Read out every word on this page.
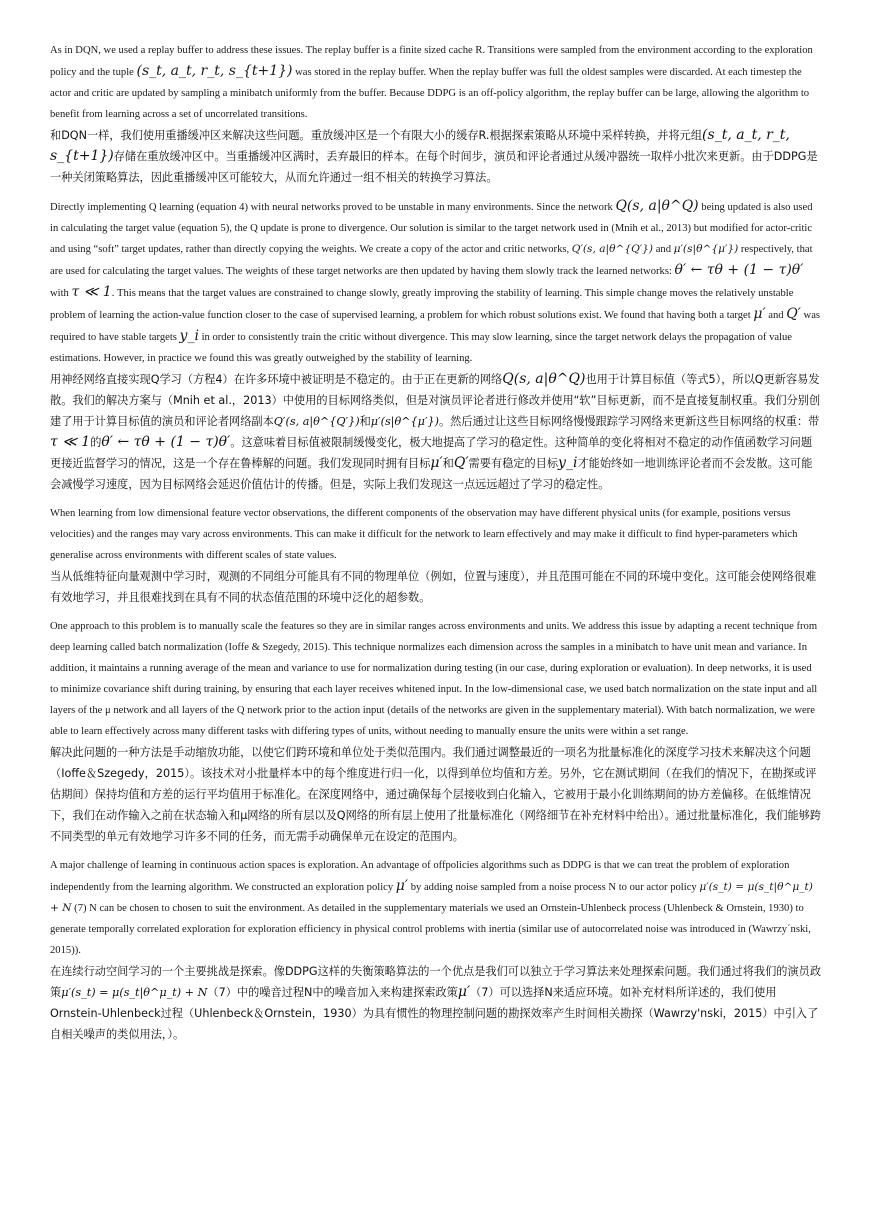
As in DQN, we used a replay buffer to address these issues. The replay buffer is a finite sized cache R. Transitions were sampled from the environment according to the exploration policy and the tuple (s_t, a_t, r_t, s_{t+1}) was stored in the replay buffer. When the replay buffer was full the oldest samples were discarded. At each timestep the actor and critic are updated by sampling a minibatch uniformly from the buffer. Because DDPG is an off-policy algorithm, the replay buffer can be large, allowing the algorithm to benefit from learning across a set of uncorrelated transitions.

和DQN一样，我们使用重播缓冲区来解决这些问题。重放缓冲区是一个有限大小的缓存R.根据探索策略从环境中采样转换，并将元组(s_t, a_t, r_t, s_{t+1})存储在重放缓冲区中。当重播缓冲区满时，丢弃最旧的样本。在每个时间步，演员和评论者通过从缓冲器统一取样小批次来更新。由于DDPG是一种关闭策略算法，因此重播缓冲区可能较大，从而允许通过一组不相关的转换学习算法。

Directly implementing Q learning (equation 4) with neural networks proved to be unstable in many environments. Since the network Q(s, a|θ^Q) being updated is also used in calculating the target value (equation 5), the Q update is prone to divergence. Our solution is similar to the target network used in (Mnih et al., 2013) but modified for actor-critic and using “soft” target updates, rather than directly copying the weights. We create a copy of the actor and critic networks, Q′(s, a|θ^{Q′}) and μ′(s|θ^{μ′}) respectively, that are used for calculating the target values. The weights of these target networks are then updated by having them slowly track the learned networks: θ′ ← τθ + (1 − τ)θ′ with τ ≪ 1. This means that the target values are constrained to change slowly, greatly improving the stability of learning. This simple change moves the relatively unstable problem of learning the action-value function closer to the case of supervised learning, a problem for which robust solutions exist. We found that having both a target μ′ and Q′ was required to have stable targets y_i in order to consistently train the critic without divergence. This may slow learning, since the target network delays the propagation of value estimations. However, in practice we found this was greatly outweighed by the stability of learning.

用神经网络直接实现Q学习（方程4）在许多环境中被证明是不稳定的。由于正在更新的网络Q(s, a|θ^Q)也用于计算目标值（等式5），所以Q更新容易发散。我们的解决方案与（Mnih et al.，2013）中使用的目标网络类似，但是对演员评论者进行修改并使用“软”目标更新，而不是直接复制权重。我们分别创建了用于计算目标值的演员和评论者网络副本Q′(s, a|θ^{Q′})和μ′(s|θ^{μ′})。然后通过让这些目标网络慢慢跟踪学习网络来更新这些目标网络的权重：带τ ≪ 1的θ′ ← τθ + (1 − τ)θ′。这意味着目标值被限制缓慢变化，极大地提高了学习的稳定性。这种简单的变化将相对不稳定的动作值函数学习问题更接近监督学习的情况，这是一个存在鲁棒解的问题。我们发现同时拥有目标μ′和Q′需要有稳定的目标y_i才能始终如一地训练评论者而不会发散。这可能会减慢学习速度，因为目标网络会延迟价值估计的传播。但是，实际上我们发现这一点远远超过了学习的稳定性。

When learning from low dimensional feature vector observations, the different components of the observation may have different physical units (for example, positions versus velocities) and the ranges may vary across environments. This can make it difficult for the network to learn effectively and may make it difficult to find hyper-parameters which generalise across environments with different scales of state values.

当从低维特征向量观测中学习时，观测的不同组分可能具有不同的物理单位（例如，位置与速度），并且范围可能在不同的环境中变化。这可能会使网络很难有效地学习，并且很难找到在具有不同的状态值范围的环境中泛化的超参数。

One approach to this problem is to manually scale the features so they are in similar ranges across environments and units. We address this issue by adapting a recent technique from deep learning called batch normalization (Ioffe & Szegedy, 2015). This technique normalizes each dimension across the samples in a minibatch to have unit mean and variance. In addition, it maintains a running average of the mean and variance to use for normalization during testing (in our case, during exploration or evaluation). In deep networks, it is used to minimize covariance shift during training, by ensuring that each layer receives whitened input. In the low-dimensional case, we used batch normalization on the state input and all layers of the μ network and all layers of the Q network prior to the action input (details of the networks are given in the supplementary material). With batch normalization, we were able to learn effectively across many different tasks with differing types of units, without needing to manually ensure the units were within a set range.

解决此问题的一种方法是手动缩放功能，以使它们跨环境和单位处于类似范围内。我们通过调整最近的一项名为批量标准化的深度学习技术来解决这个问题（Ioffe＆Szegedy，2015）。该技术对小批量样本中的每个维度进行归一化，以得到单位均值和方差。另外，它在测试期间（在我们的情况下，在勘探或评估期间）保持均值和方差的运行平均值用于标准化。在深度网络中，通过确保每个层接收到白化输入，它被用于最小化训练期间的协方差偏移。在低维情况下，我们在动作输入之前在状态输入和μ网络的所有层以及Q网络的所有层上使用了批量标准化（网络细节在补充材料中给出）。通过批量标准化，我们能够跨不同类型的单元有效地学习许多不同的任务，而无需手动确保单元在设定的范围内。

A major challenge of learning in continuous action spaces is exploration. An advantage of offpolicies algorithms such as DDPG is that we can treat the problem of exploration independently from the learning algorithm. We constructed an exploration policy μ′ by adding noise sampled from a noise process N to our actor policy μ′(s_t) = μ(s_t|θ^μ_t) + N (7) N can be chosen to chosen to suit the environment. As detailed in the supplementary materials we used an Ornstein-Uhlenbeck process (Uhlenbeck & Ornstein, 1930) to generate temporally correlated exploration for exploration efficiency in physical control problems with inertia (similar use of autocorrelated noise was introduced in (Wawrzy´nski, 2015)).

在连续行动空间学习的一个主要挑战是探索。像DDPG这样的失衡策略算法的一个优点是我们可以独立于学习算法来处理探索问题。我们通过将我们的演员政策μ′(s_t) = μ(s_t|θ^μ_t) + N（7）中的噪音过程N中的噪音加入来构建探索政策μ′（7）可以选择N来适应环境。如补充材料所详述的，我们使用Ornstein-Uhlenbeck过程（Uhlenbeck＆Ornstein，1930）为具有惯性的物理控制问题的勘探效率产生时间相关勘探（Wawrzy'nski，2015）中引入了自相关噪声的类似用法，）。
